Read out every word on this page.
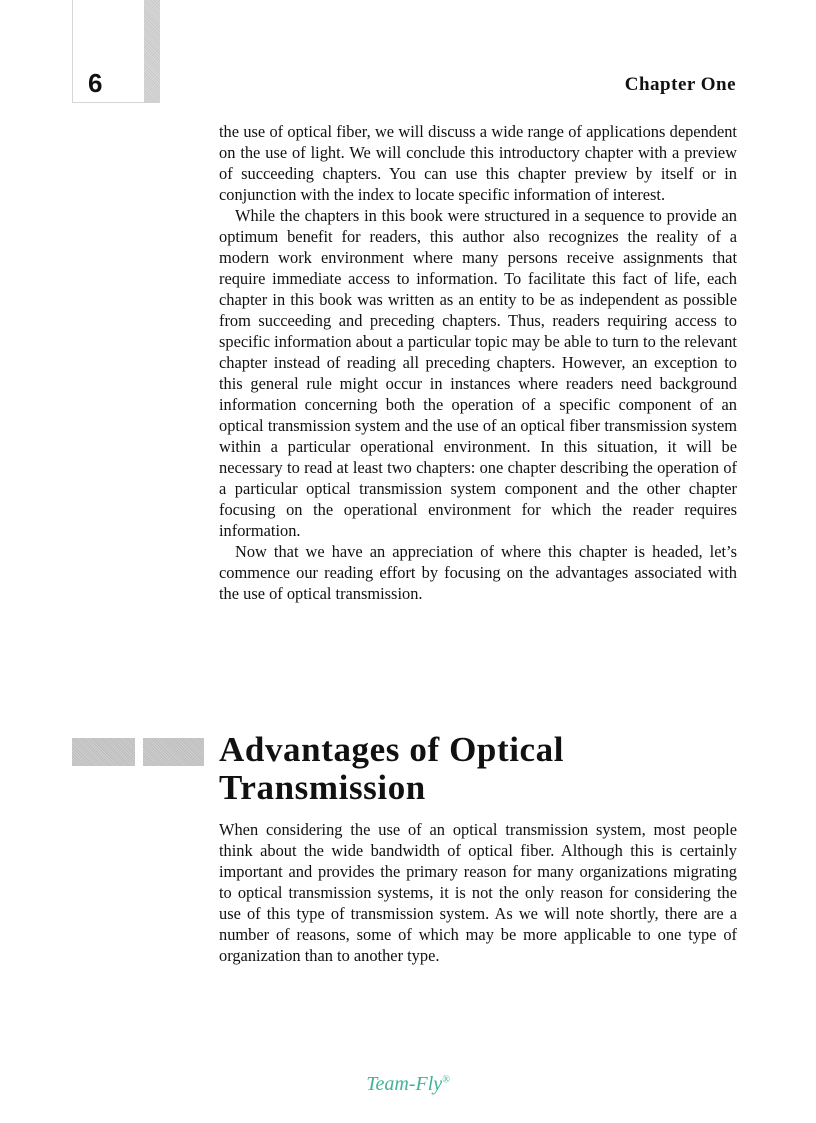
6	Chapter One

the use of optical fiber, we will discuss a wide range of applications dependent on the use of light. We will conclude this introductory chapter with a preview of succeeding chapters. You can use this chapter preview by itself or in conjunction with the index to locate specific information of interest.

While the chapters in this book were structured in a sequence to provide an optimum benefit for readers, this author also recognizes the reality of a modern work environment where many persons receive assignments that require immediate access to information. To facilitate this fact of life, each chapter in this book was written as an entity to be as independent as possible from succeeding and preceding chapters. Thus, readers requiring access to specific information about a particular topic may be able to turn to the relevant chapter instead of reading all preceding chapters. However, an exception to this general rule might occur in instances where readers need background information concerning both the operation of a specific component of an optical transmission system and the use of an optical fiber transmission system within a particular operational environment. In this situation, it will be necessary to read at least two chapters: one chapter describing the operation of a particular optical transmission system component and the other chapter focusing on the operational environment for which the reader requires information.

Now that we have an appreciation of where this chapter is headed, let’s commence our reading effort by focusing on the advantages associated with the use of optical transmission.

Advantages of Optical
Transmission

When considering the use of an optical transmission system, most people think about the wide bandwidth of optical fiber. Although this is certainly important and provides the primary reason for many organizations migrating to optical transmission systems, it is not the only reason for considering the use of this type of transmission system. As we will note shortly, there are a number of reasons, some of which may be more applicable to one type of organization than to another type.

Team-Fly®
